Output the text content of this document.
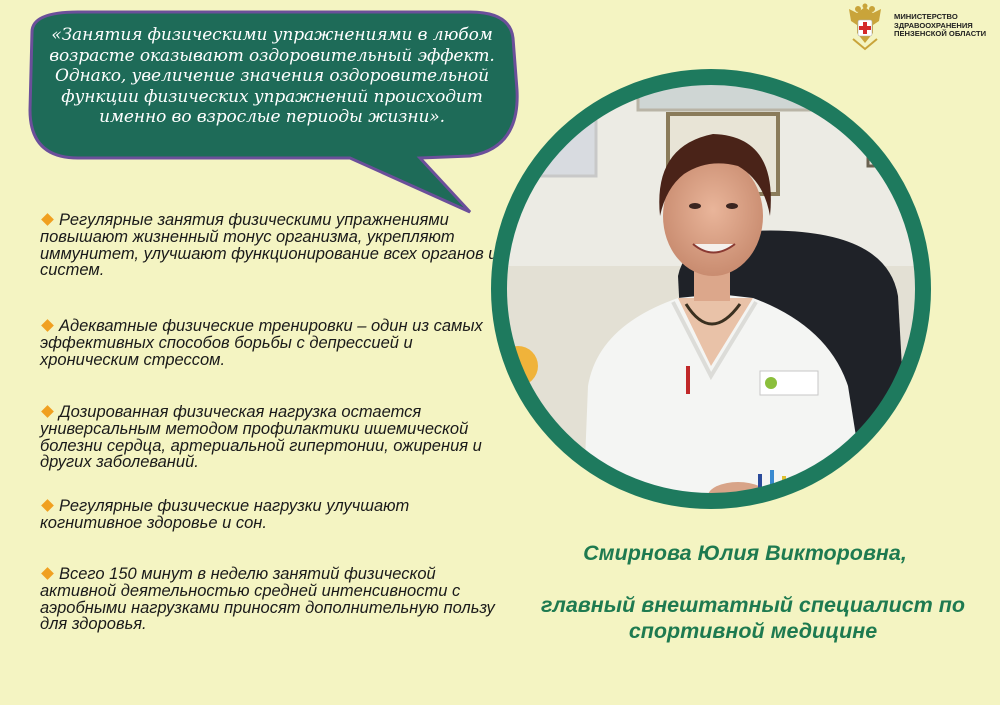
МИНИСТЕРСТВО
ЗДРАВООХРАНЕНИЯ
ПЕНЗЕНСКОЙ ОБЛАСТИ
«Занятия физическими упражнениями в любом возрасте оказывают оздоровительный эффект. Однако, увеличение значения оздоровительной функции физических упражнений происходит именно во взрослые периоды жизни».
Регулярные занятия физическими упражнениями повышают жизненный тонус организма, укрепляют иммунитет, улучшают функционирование всех органов и систем.
Адекватные физические тренировки – один из самых эффективных способов борьбы с депрессией и хроническим стрессом.
Дозированная физическая нагрузка остается универсальным методом профилактики ишемической болезни сердца, артериальной гипертонии, ожирения и других заболеваний.
Регулярные физические нагрузки улучшают когнитивное здоровье и сон.
Всего 150 минут в неделю занятий физической активной деятельностью средней интенсивности с аэробными нагрузками приносят дополнительную пользу для здоровья.
Смирнова Юлия Викторовна,
главный внештатный специалист по спортивной медицине
